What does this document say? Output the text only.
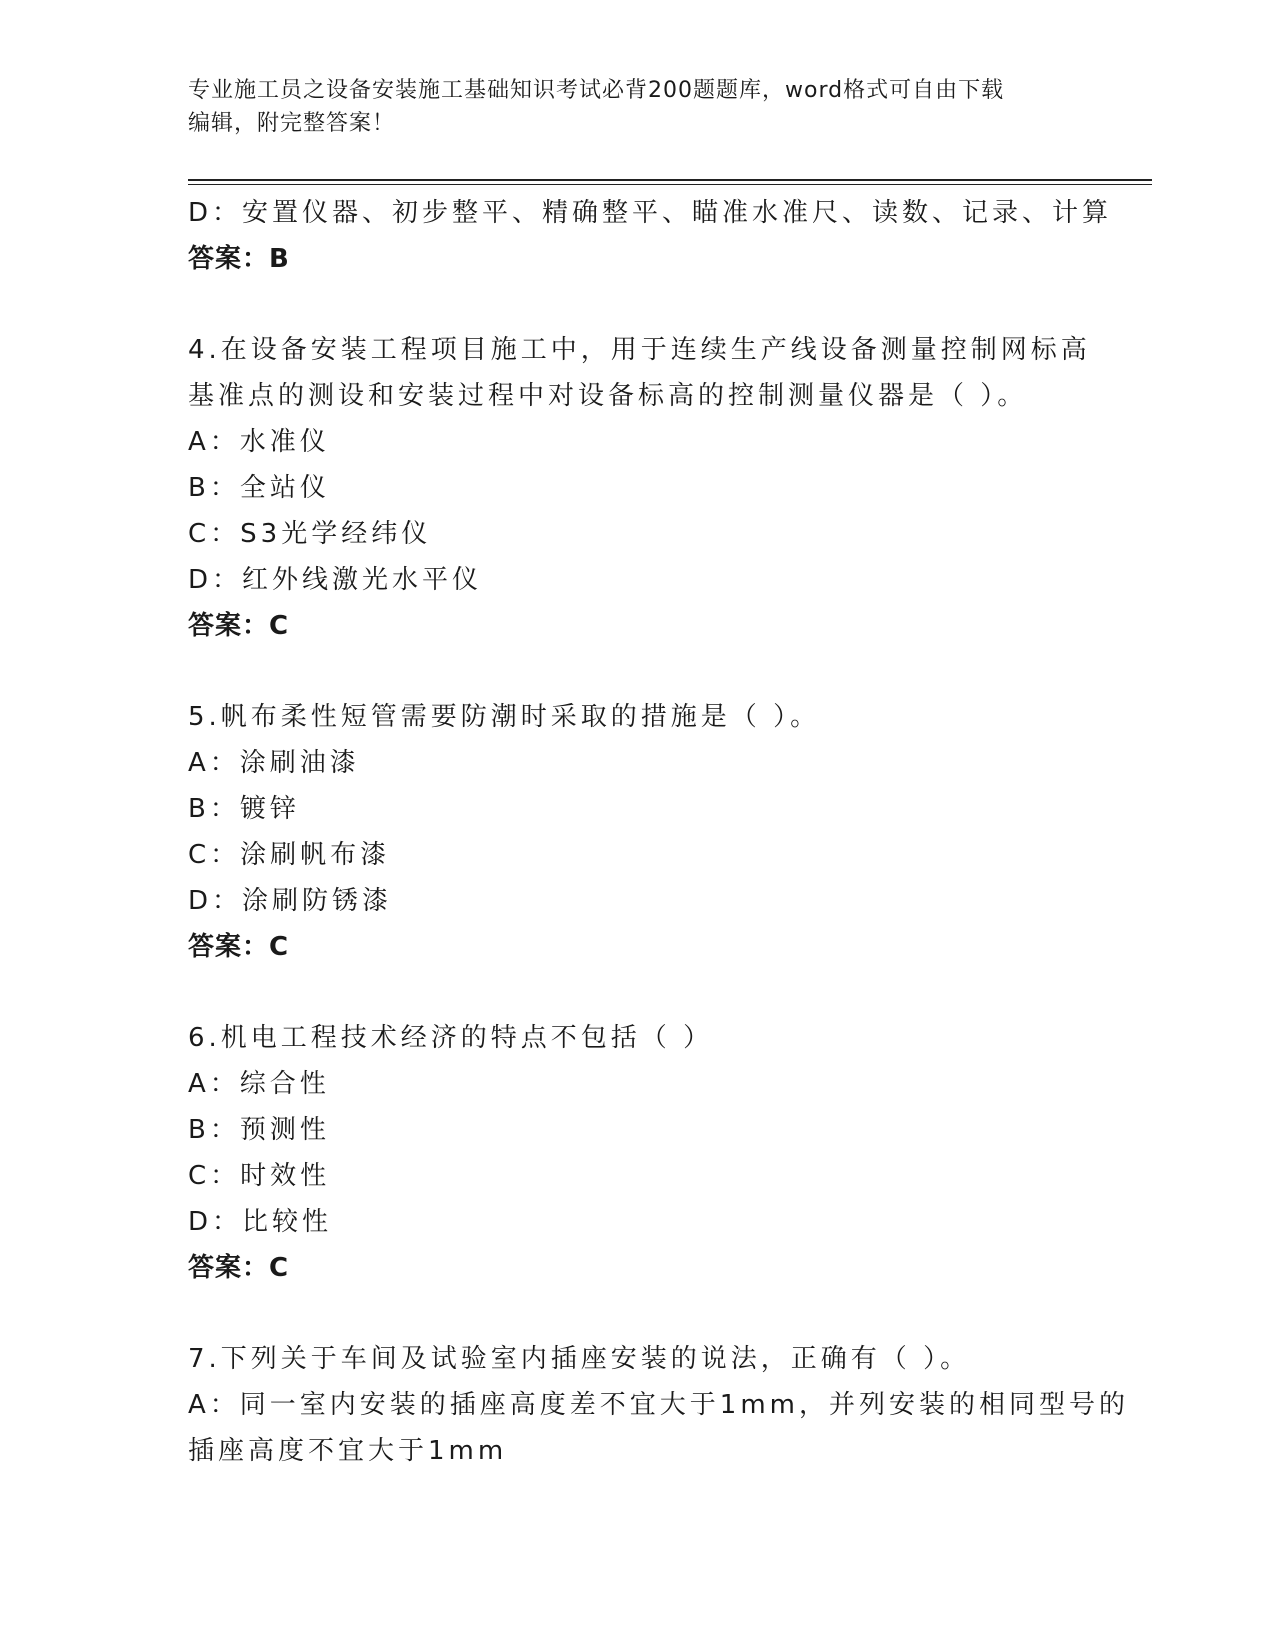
专业施工员之设备安装施工基础知识考试必背200题题库，word格式可自由下载
编辑，附完整答案！
D：安置仪器、初步整平、精确整平、瞄准水准尺、读数、记录、计算
答案：B
4.在设备安装工程项目施工中，用于连续生产线设备测量控制网标高
基准点的测设和安装过程中对设备标高的控制测量仪器是（ ）。
A：水准仪
B：全站仪
C：S3光学经纬仪
D：红外线激光水平仪
答案：C
5.帆布柔性短管需要防潮时采取的措施是（ ）。
A：涂刷油漆
B：镀锌
C：涂刷帆布漆
D：涂刷防锈漆
答案：C
6.机电工程技术经济的特点不包括（ ）
A：综合性
B：预测性
C：时效性
D：比较性
答案：C
7.下列关于车间及试验室内插座安装的说法，正确有（ ）。
A：同一室内安装的插座高度差不宜大于1mm，并列安装的相同型号的
插座高度不宜大于1mm
